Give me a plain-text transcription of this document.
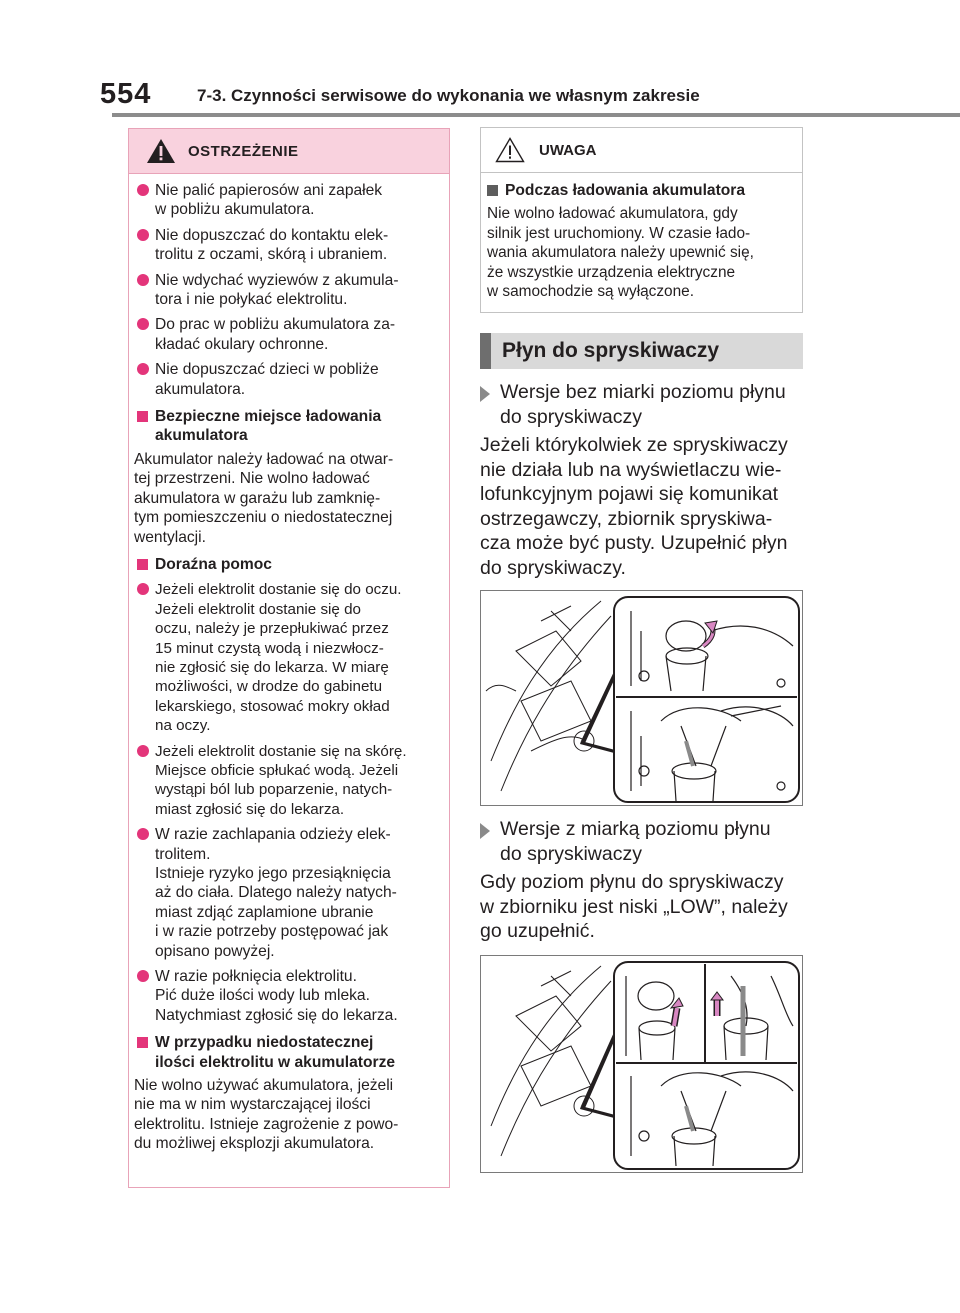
554	7-3. Czynności serwisowe do wykonania we własnym zakresie
OSTRZEŻENIE
Nie palić papierosów ani zapałek
w pobliżu akumulatora.
Nie dopuszczać do kontaktu elek-
trolitu z oczami, skórą i ubraniem.
Nie wdychać wyziewów z akumula-
tora i nie połykać elektrolitu.
Do prac w pobliżu akumulatora za-
kładać okulary ochronne.
Nie dopuszczać dzieci w pobliże
akumulatora.
Bezpieczne miejsce ładowania
akumulatora
Akumulator należy ładować na otwar-
tej przestrzeni. Nie wolno ładować
akumulatora w garażu lub zamknię-
tym pomieszczeniu o niedostatecznej
wentylacji.
Doraźna pomoc
Jeżeli elektrolit dostanie się do oczu.
Jeżeli elektrolit dostanie się do
oczu, należy je przepłukiwać przez
15 minut czystą wodą i niezwłocz-
nie zgłosić się do lekarza. W miarę
możliwości, w drodze do gabinetu
lekarskiego, stosować mokry okład
na oczy.
Jeżeli elektrolit dostanie się na skórę.
Miejsce obficie spłukać wodą. Jeżeli
wystąpi ból lub poparzenie, natych-
miast zgłosić się do lekarza.
W razie zachlapania odzieży elek-
trolitem.
Istnieje ryzyko jego przesiąknięcia
aż do ciała. Dlatego należy natych-
miast zdjąć zaplamione ubranie
i w razie potrzeby postępować jak
opisano powyżej.
W razie połknięcia elektrolitu.
Pić duże ilości wody lub mleka.
Natychmiast zgłosić się do lekarza.
W przypadku niedostatecznej
ilości elektrolitu w akumulatorze
Nie wolno używać akumulatora, jeżeli
nie ma w nim wystarczającej ilości
elektrolitu. Istnieje zagrożenie z powo-
du możliwej eksplozji akumulatora.
UWAGA
Podczas ładowania akumulatora
Nie wolno ładować akumulatora, gdy
silnik jest uruchomiony. W czasie łado-
wania akumulatora należy upewnić się,
że wszystkie urządzenia elektryczne
w samochodzie są wyłączone.
Płyn do spryskiwaczy
Wersje bez miarki poziomu płynu
do spryskiwaczy
Jeżeli którykolwiek ze spryskiwaczy
nie działa lub na wyświetlaczu wie-
lofunkcyjnym pojawi się komunikat
ostrzegawczy, zbiornik spryskiwa-
cza może być pusty. Uzupełnić płyn
do spryskiwaczy.
Wersje z miarką poziomu płynu
do spryskiwaczy
Gdy poziom płynu do spryskiwaczy
w zbiorniku jest niski „LOW”, należy
go uzupełnić.
